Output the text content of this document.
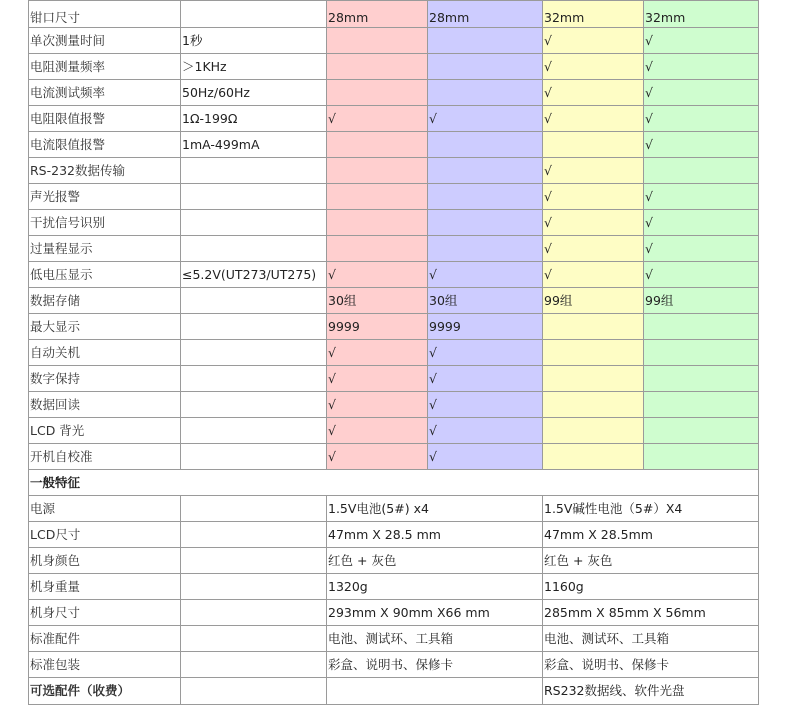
钳口尺寸		28mm	28mm	32mm	32mm
单次测量时间	1秒			√	√
电阻测量频率	＞1KHz			√	√
电流测试频率	50Hz/60Hz			√	√
电阻限值报警	1Ω-199Ω	√	√	√	√
电流限值报警	1mA-499mA				√
RS-232数据传输				√	
声光报警				√	√
干扰信号识别				√	√
过量程显示				√	√
低电压显示	≤5.2V(UT273/UT275)	√	√	√	√
数据存储		30组	30组	99组	99组
最大显示		9999	9999		
自动关机		√	√		
数字保持		√	√		
数据回读		√	√		
LCD 背光		√	√		
开机自校准		√	√		
一般特征					
电源		1.5V电池(5#) x4		1.5V碱性电池（5#）X4	
LCD尺寸		47mm X 28.5 mm		47mm X 28.5mm	
机身颜色		红色 + 灰色		红色 + 灰色	
机身重量		1320g		1160g	
机身尺寸		293mm X 90mm X66 mm		285mm X 85mm X 56mm	
标准配件		电池、测试环、工具箱		电池、测试环、工具箱	
标准包装		彩盒、说明书、保修卡		彩盒、说明书、保修卡	
可选配件（收费）				RS232数据线、软件光盘	
